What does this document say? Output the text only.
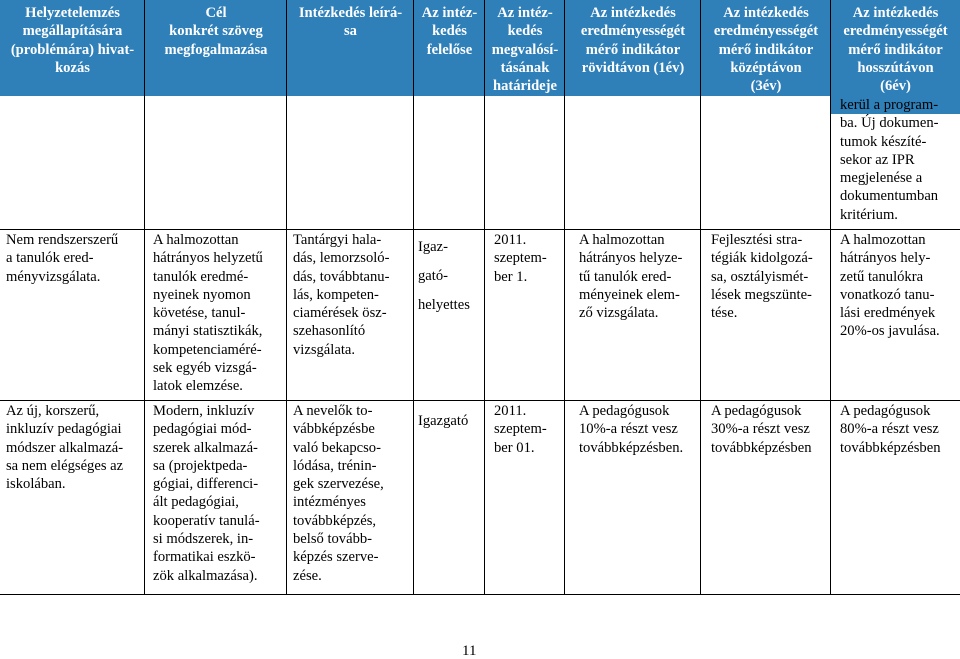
Helyzetelemzés
megállapítására
(problémára) hivat-
kozás
Cél
konkrét szöveg
megfogalmazása
Intézkedés leírá-
sa
Az intéz-
kedés
felelőse
Az intéz-
kedés
megvalósí-
tásának
határideje
Az intézkedés
eredményességét
mérő indikátor
rövidtávon (1év)
Az intézkedés
eredményességét
mérő indikátor
középtávon
(3év)
Az intézkedés
eredményességét
mérő indikátor
hosszútávon
(6év)
kerül a program-
ba. Új dokumen-
tumok készíté-
sekor az IPR
megjelenése a
dokumentumban
kritérium.
Nem rendszerszerű
a tanulók ered-
ményvizsgálata.
A halmozottan
hátrányos helyzetű
tanulók eredmé-
nyeinek nyomon
követése, tanul-
mányi statisztikák,
kompetenciaméré-
sek egyéb vizsgá-
latok elemzése.
Tantárgyi hala-
dás, lemorzsoló-
dás, továbbtanu-
lás, kompeten-
ciamérések ösz-
szehasonlító
vizsgálata.
Igaz-

gató-

helyettes
2011.
szeptem-
ber 1.
A halmozottan
hátrányos helyze-
tű tanulók ered-
ményeinek elem-
ző vizsgálata.
Fejlesztési stra-
tégiák kidolgozá-
sa, osztályismét-
lések megszünte-
tése.
A halmozottan
hátrányos hely-
zetű tanulókra
vonatkozó tanu-
lási eredmények
20%-os javulása.
Az új, korszerű,
inkluzív pedagógiai
módszer alkalmazá-
sa nem elégséges az
iskolában.
Modern, inkluzív
pedagógiai mód-
szerek alkalmazá-
sa (projektpeda-
gógiai, differenci-
ált pedagógiai,
kooperatív tanulá-
si módszerek, in-
formatikai eszkö-
zök alkalmazása).
A nevelők to-
vábbképzésbe
való bekapcso-
lódása, trénin-
gek szervezése,
intézményes
továbbképzés,
belső tovább-
képzés szerve-
zése.
Igazgató
2011.
szeptem-
ber 01.
A pedagógusok
10%-a részt vesz
továbbképzésben.
A pedagógusok
30%-a részt vesz
továbbképzésben
A pedagógusok
80%-a részt vesz
továbbképzésben
11
